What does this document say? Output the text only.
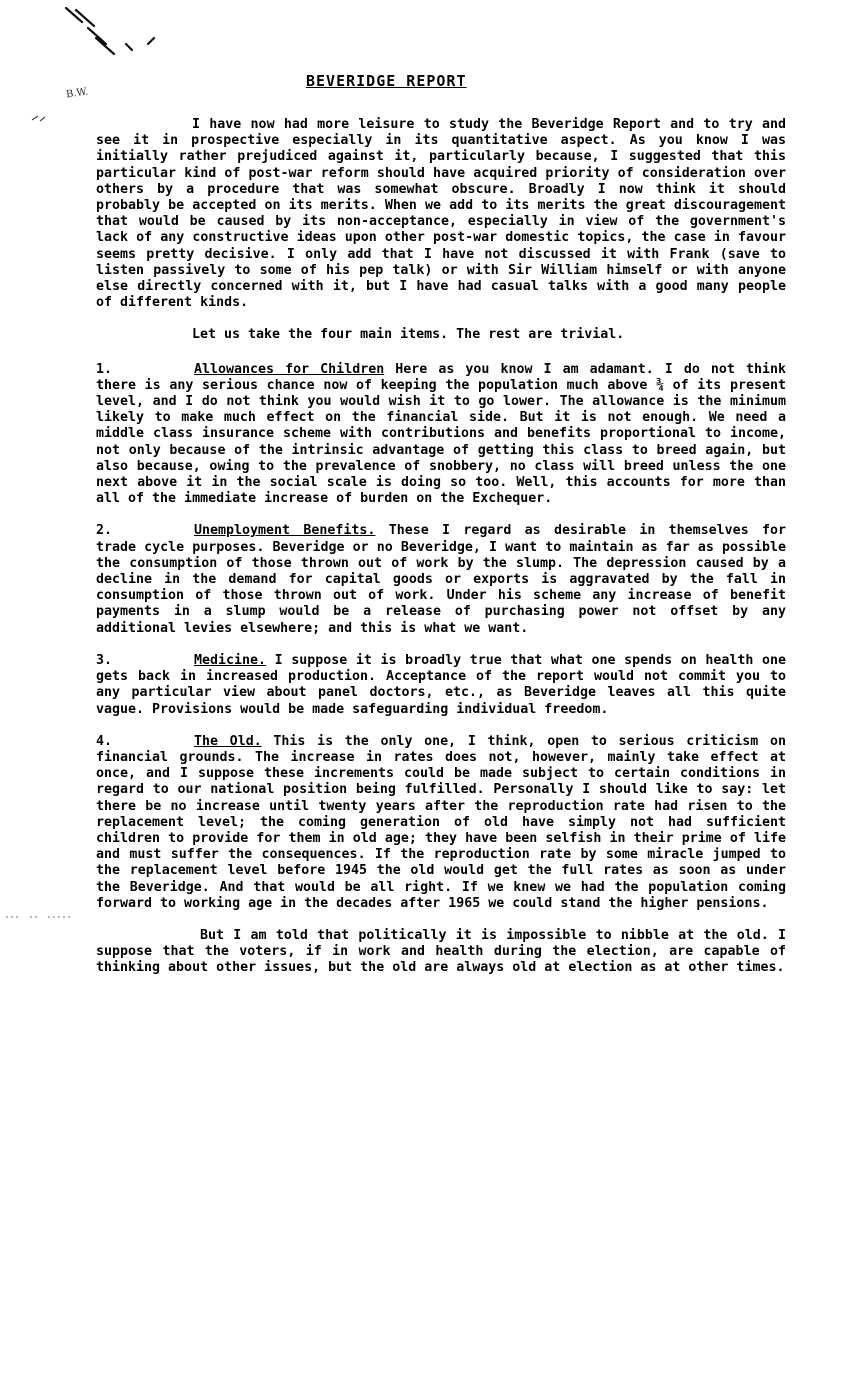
B.W.
BEVERIDGE REPORT

I have now had more leisure to study the Beveridge Report and to try and see it in prospective especially in its quantitative aspect. As you know I was initially rather prejudiced against it, particularly because, I suggested that this particular kind of post-war reform should have acquired priority of consideration over others by a procedure that was somewhat obscure. Broadly I now think it should probably be accepted on its merits. When we add to its merits the great discouragement that would be caused by its non-acceptance, especially in view of the government's lack of any constructive ideas upon other post-war domestic topics, the case in favour seems pretty decisive. I only add that I have not discussed it with Frank (save to listen passively to some of his pep talk) or with Sir William himself or with anyone else directly concerned with it, but I have had casual talks with a good many people of different kinds.

Let us take the four main items. The rest are trivial.

1.	Allowances for Children Here as you know I am adamant. I do not think there is any serious chance now of keeping the population much above ¾ of its present level, and I do not think you would wish it to go lower. The allowance is the minimum likely to make much effect on the financial side. But it is not enough. We need a middle class insurance scheme with contributions and benefits proportional to income, not only because of the intrinsic advantage of getting this class to breed again, but also because, owing to the prevalence of snobbery, no class will breed unless the one next above it in the social scale is doing so too. Well, this accounts for more than all of the immediate increase of burden on the Exchequer.

2.	Unemployment Benefits. These I regard as desirable in themselves for trade cycle purposes. Beveridge or no Beveridge, I want to maintain as far as possible the consumption of those thrown out of work by the slump. The depression caused by a decline in the demand for capital goods or exports is aggravated by the fall in consumption of those thrown out of work. Under his scheme any increase of benefit payments in a slump would be a release of purchasing power not offset by any additional levies elsewhere; and this is what we want.

3.	Medicine. I suppose it is broadly true that what one spends on health one gets back in increased production. Acceptance of the report would not commit you to any particular view about panel doctors, etc., as Beveridge leaves all this quite vague. Provisions would be made safeguarding individual freedom.

4.	The Old. This is the only one, I think, open to serious criticism on financial grounds. The increase in rates does not, however, mainly take effect at once, and I suppose these increments could be made subject to certain conditions in regard to our national position being fulfilled. Personally I should like to say: let there be no increase until twenty years after the reproduction rate had risen to the replacement level; the coming generation of old have simply not had sufficient children to provide for them in old age; they have been selfish in their prime of life and must suffer the consequences. If the reproduction rate by some miracle jumped to the replacement level before 1945 the old would get the full rates as soon as under the Beveridge. And that would be all right. If we knew we had the population coming forward to working age in the decades after 1965 we could stand the higher pensions.

But I am told that politically it is impossible to nibble at the old. I suppose that the voters, if in work and health during the election, are capable of thinking about other issues, but the old are always old at election as at other times.
